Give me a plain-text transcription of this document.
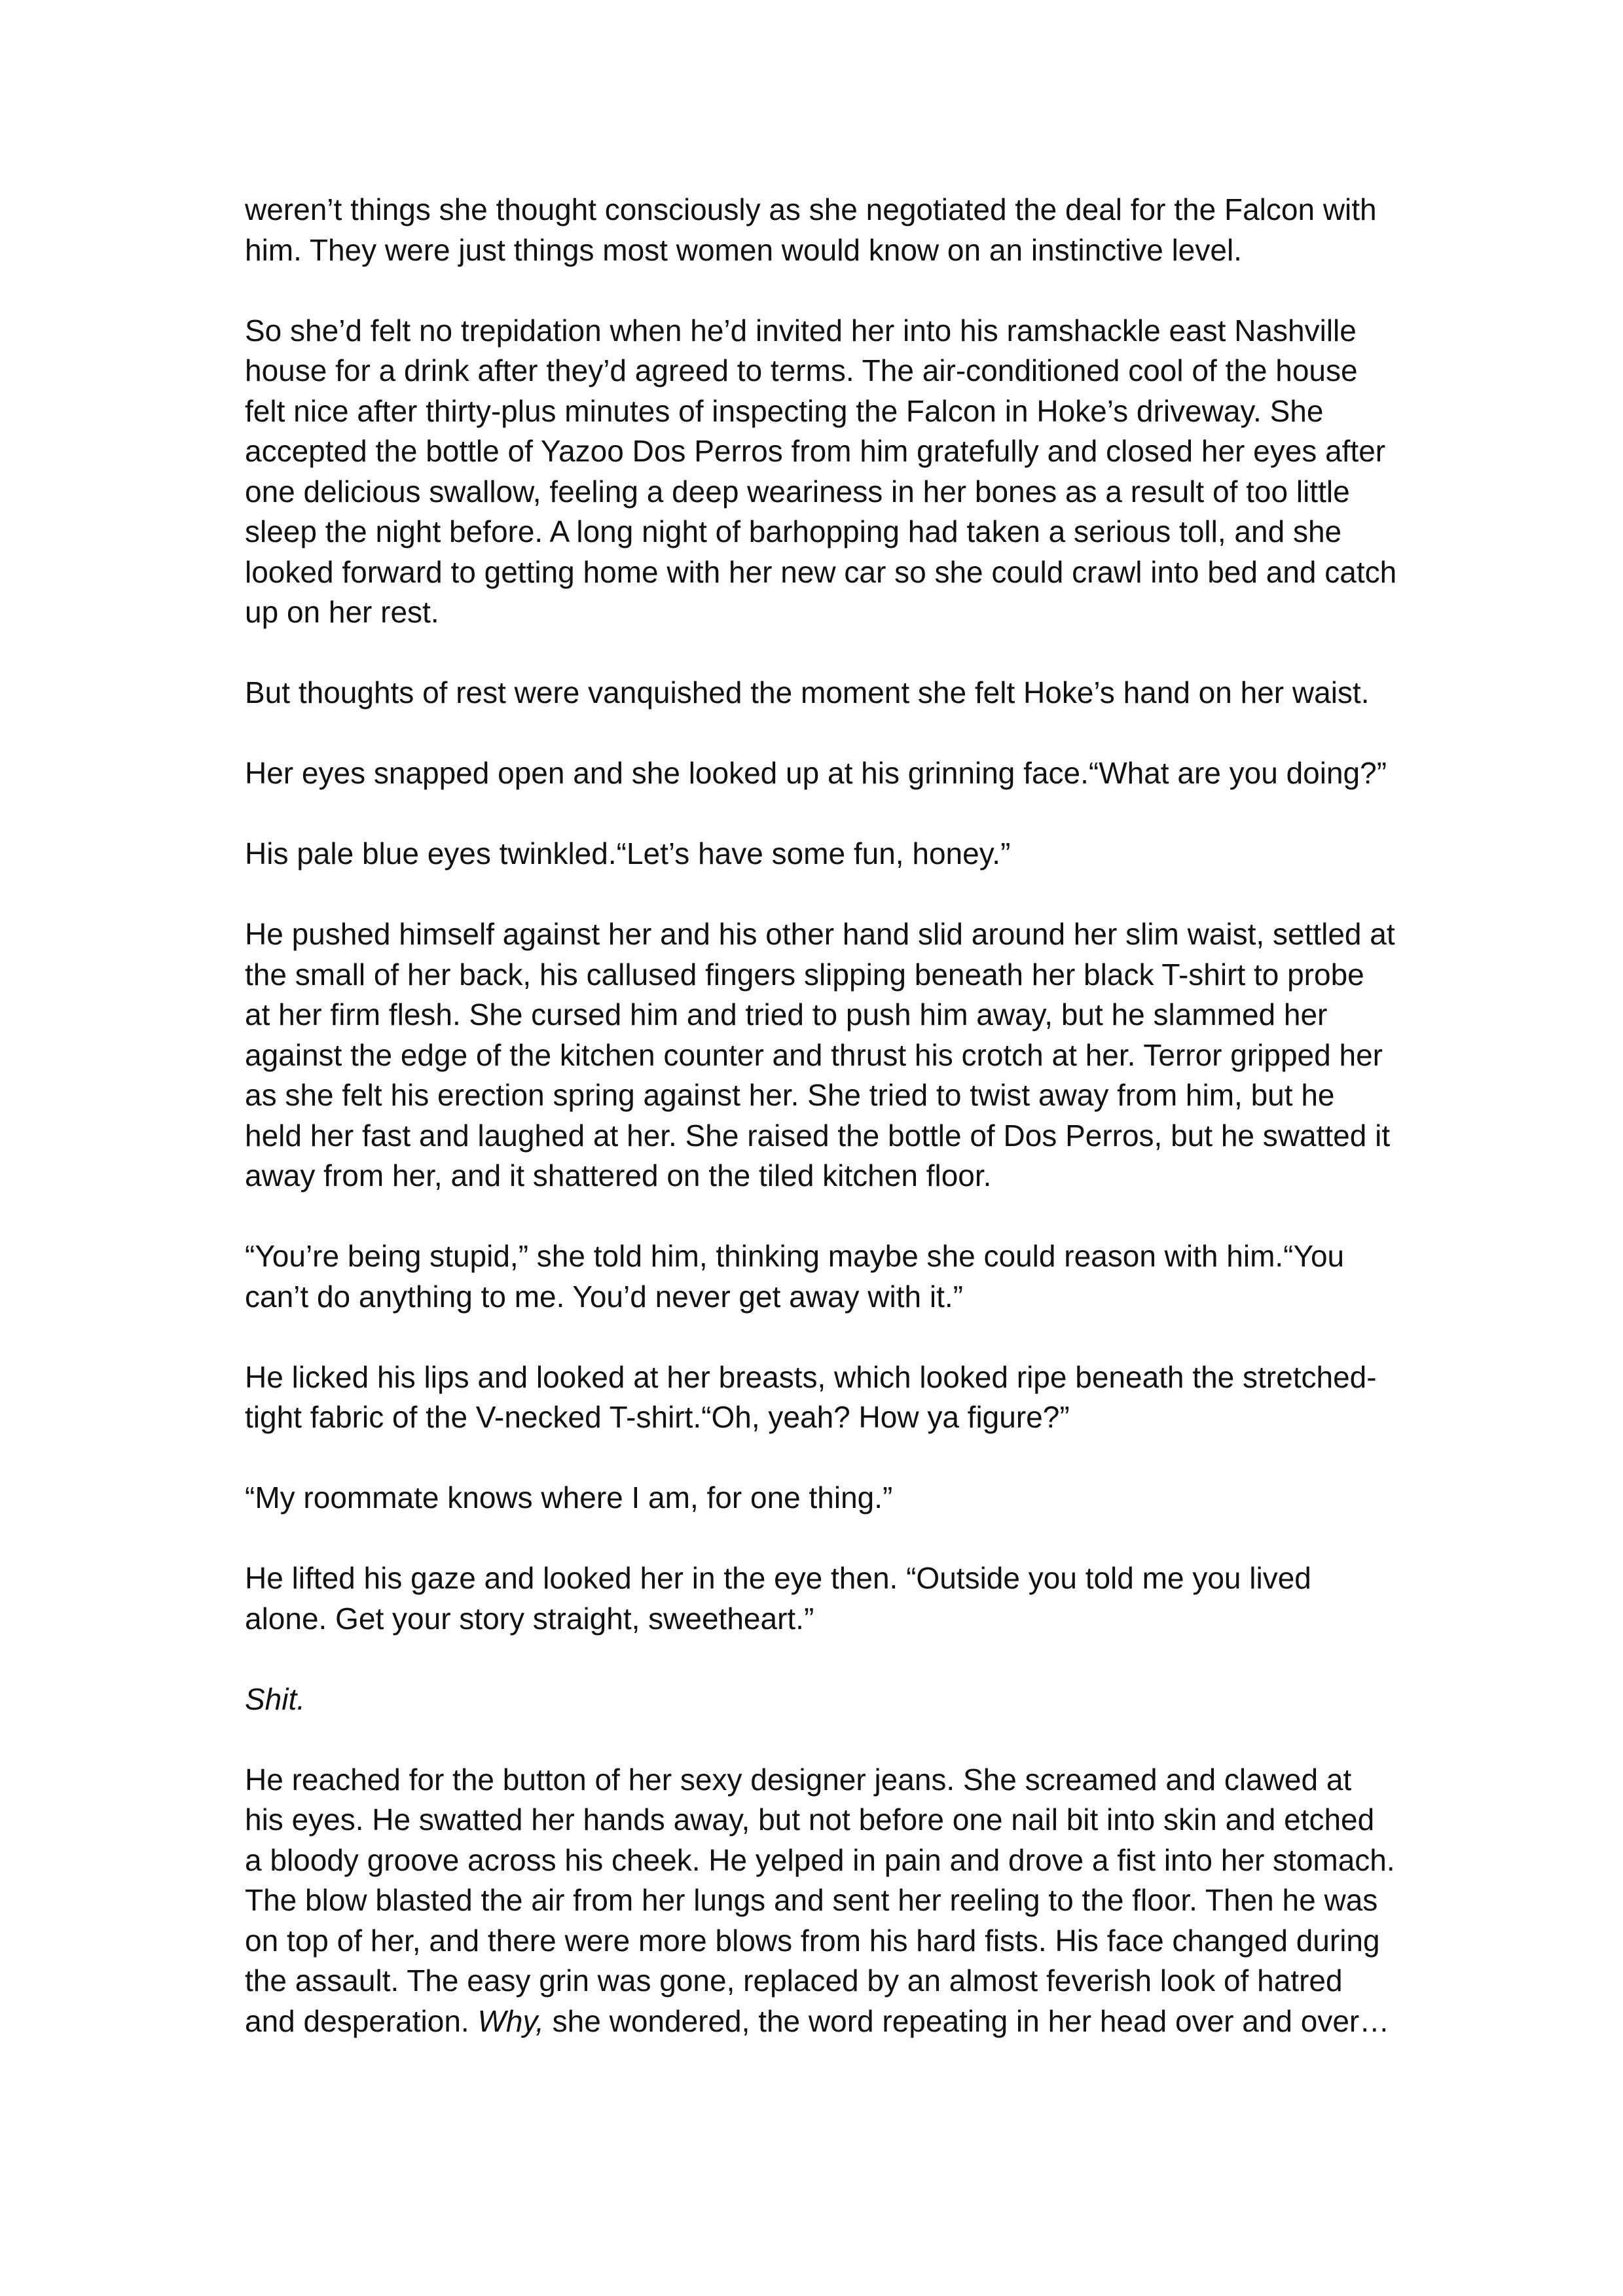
weren’t things she thought consciously as she negotiated the deal for the Falcon with him. They were just things most women would know on an instinctive level.

So she’d felt no trepidation when he’d invited her into his ramshackle east Nashville house for a drink after they’d agreed to terms. The air-conditioned cool of the house felt nice after thirty-plus minutes of inspecting the Falcon in Hoke’s driveway. She accepted the bottle of Yazoo Dos Perros from him gratefully and closed her eyes after one delicious swallow, feeling a deep weariness in her bones as a result of too little sleep the night before. A long night of barhopping had taken a serious toll, and she looked forward to getting home with her new car so she could crawl into bed and catch up on her rest.

But thoughts of rest were vanquished the moment she felt Hoke’s hand on her waist.

Her eyes snapped open and she looked up at his grinning face.“What are you doing?”

His pale blue eyes twinkled.“Let’s have some fun, honey.”

He pushed himself against her and his other hand slid around her slim waist, settled at the small of her back, his callused fingers slipping beneath her black T-shirt to probe at her firm flesh. She cursed him and tried to push him away, but he slammed her against the edge of the kitchen counter and thrust his crotch at her. Terror gripped her as she felt his erection spring against her. She tried to twist away from him, but he held her fast and laughed at her. She raised the bottle of Dos Perros, but he swatted it away from her, and it shattered on the tiled kitchen floor.

“You’re being stupid,” she told him, thinking maybe she could reason with him.“You can’t do anything to me. You’d never get away with it.”

He licked his lips and looked at her breasts, which looked ripe beneath the stretched-tight fabric of the V-necked T-shirt.“Oh, yeah? How ya figure?”

“My roommate knows where I am, for one thing.”

He lifted his gaze and looked her in the eye then. “Outside you told me you lived alone. Get your story straight, sweetheart.”

Shit.

He reached for the button of her sexy designer jeans. She screamed and clawed at his eyes. He swatted her hands away, but not before one nail bit into skin and etched a bloody groove across his cheek. He yelped in pain and drove a fist into her stomach. The blow blasted the air from her lungs and sent her reeling to the floor. Then he was on top of her, and there were more blows from his hard fists. His face changed during the assault. The easy grin was gone, replaced by an almost feverish look of hatred and desperation. Why, she wondered, the word repeating in her head over and over…
